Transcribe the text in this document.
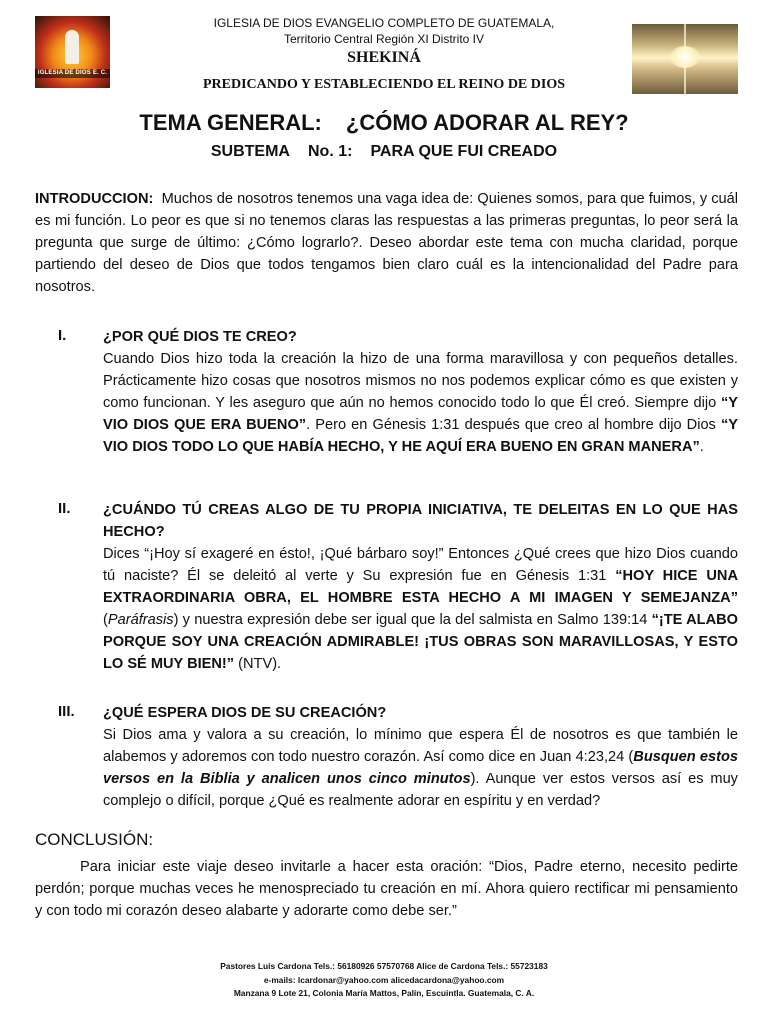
IGLESIA DE DIOS E. C.
IGLESIA DE DIOS EVANGELIO COMPLETO DE GUATEMALA,
Territorio Central Región XI Distrito IV
SHEKINÁ
PREDICANDO Y ESTABLECIENDO EL REINO DE DIOS
TEMA GENERAL: ¿CÓMO ADORAR AL REY?
SUBTEMA No. 1: PARA QUE FUI CREADO
INTRODUCCION: Muchos de nosotros tenemos una vaga idea de: Quienes somos, para que fuimos, y cuál es mi función. Lo peor es que si no tenemos claras las respuestas a las primeras preguntas, lo peor será la pregunta que surge de último: ¿Cómo lograrlo?. Deseo abordar este tema con mucha claridad, porque partiendo del deseo de Dios que todos tengamos bien claro cuál es la intencionalidad del Padre para nosotros.
I.	¿POR QUÉ DIOS TE CREO?
Cuando Dios hizo toda la creación la hizo de una forma maravillosa y con pequeños detalles. Prácticamente hizo cosas que nosotros mismos no nos podemos explicar cómo es que existen y como funcionan. Y les aseguro que aún no hemos conocido todo lo que Él creó. Siempre dijo “Y VIO DIOS QUE ERA BUENO”. Pero en Génesis 1:31 después que creo al hombre dijo Dios “Y VIO DIOS TODO LO QUE HABÍA HECHO, Y HE AQUÍ ERA BUENO EN GRAN MANERA”.
II. ¿CUÁNDO TÚ CREAS ALGO DE TU PROPIA INICIATIVA, TE DELEITAS EN LO QUE HAS HECHO?
Dices “¡Hoy sí exageré en ésto!, ¡Qué bárbaro soy!” Entonces ¿Qué crees que hizo Dios cuando tú naciste? Él se deleitó al verte y Su expresión fue en Génesis 1:31 “HOY HICE UNA EXTRAORDINARIA OBRA, EL HOMBRE ESTA HECHO A MI IMAGEN Y SEMEJANZA” (Paráfrasis) y nuestra expresión debe ser igual que la del salmista en Salmo 139:14 “¡TE ALABO PORQUE SOY UNA CREACIÓN ADMIRABLE! ¡TUS OBRAS SON MARAVILLOSAS, Y ESTO LO SÉ MUY BIEN!” (NTV).
III. ¿QUÉ ESPERA DIOS DE SU CREACIÓN?
Si Dios ama y valora a su creación, lo mínimo que espera Él de nosotros es que también le alabemos y adoremos con todo nuestro corazón. Así como dice en Juan 4:23,24 (Busquen estos versos en la Biblia y analicen unos cinco minutos). Aunque ver estos versos así es muy complejo o difícil, porque ¿Qué es realmente adorar en espíritu y en verdad?
CONCLUSIÓN:
Para iniciar este viaje deseo invitarle a hacer esta oración: “Dios, Padre eterno, necesito pedirte perdón; porque muchas veces he menospreciado tu creación en mí. Ahora quiero rectificar mi pensamiento y con todo mi corazón deseo alabarte y adorarte como debe ser.”
Pastores Luis Cardona Tels.: 56180926 57570768 Alice de Cardona Tels.: 55723183
e-mails: lcardonar@yahoo.com alicedacardona@yahoo.com
Manzana 9 Lote 21, Colonia María Mattos, Palín, Escuintla. Guatemala, C. A.
